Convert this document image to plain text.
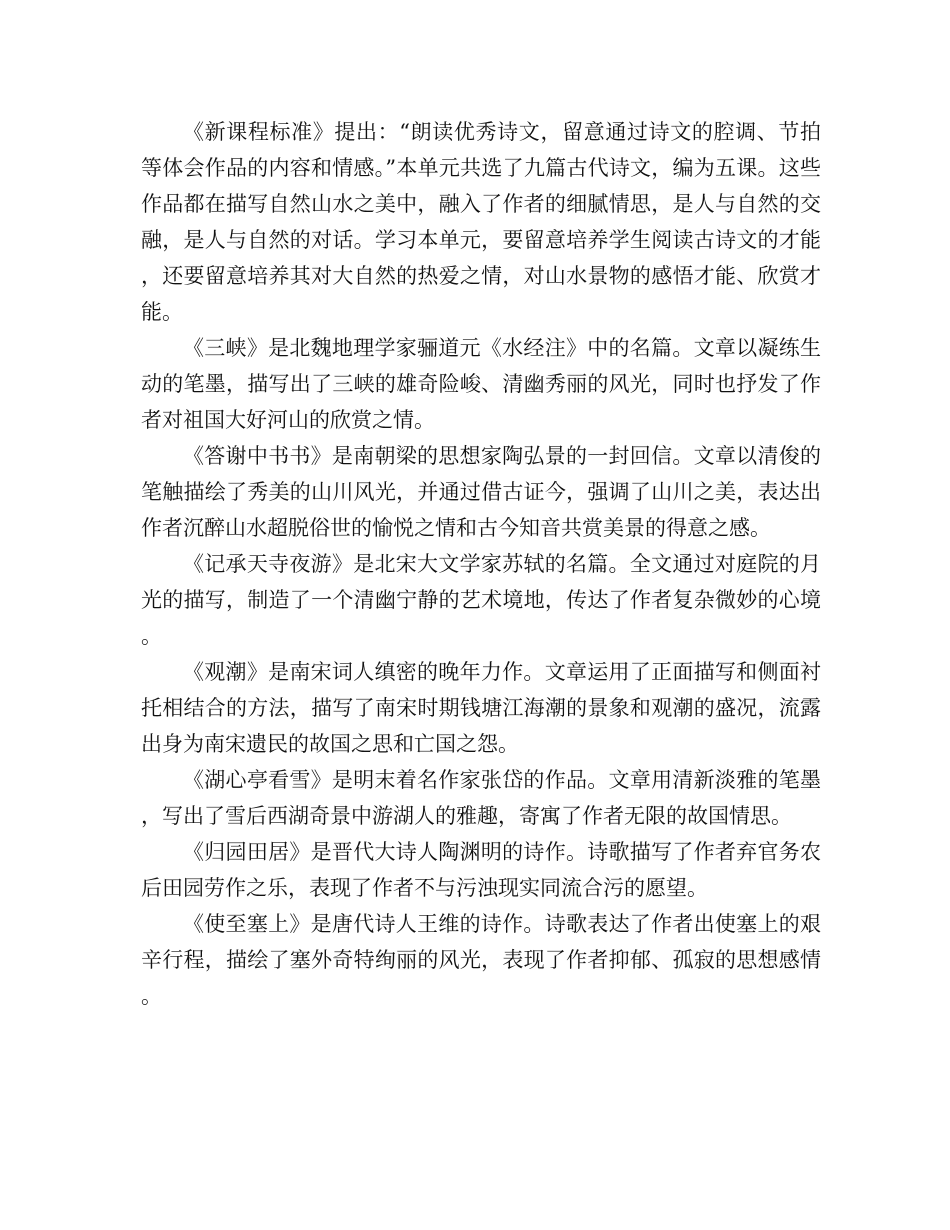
《新课程标准》提出：“朗读优秀诗文，留意通过诗文的腔调、节拍等体会作品的内容和情感。”本单元共选了九篇古代诗文，编为五课。这些作品都在描写自然山水之美中，融入了作者的细腻情思，是人与自然的交融，是人与自然的对话。学习本单元，要留意培养学生阅读古诗文的才能，还要留意培养其对大自然的热爱之情，对山水景物的感悟才能、欣赏才能。

《三峡》是北魏地理学家骊道元《水经注》中的名篇。文章以凝练生动的笔墨，描写出了三峡的雄奇险峻、清幽秀丽的风光，同时也抒发了作者对祖国大好河山的欣赏之情。

《答谢中书书》是南朝梁的思想家陶弘景的一封回信。文章以清俊的笔触描绘了秀美的山川风光，并通过借古证今，强调了山川之美，表达出作者沉醉山水超脱俗世的愉悦之情和古今知音共赏美景的得意之感。

《记承天寺夜游》是北宋大文学家苏轼的名篇。全文通过对庭院的月光的描写，制造了一个清幽宁静的艺术境地，传达了作者复杂微妙的心境。

《观潮》是南宋词人缜密的晚年力作。文章运用了正面描写和侧面衬托相结合的方法，描写了南宋时期钱塘江海潮的景象和观潮的盛况，流露出身为南宋遗民的故国之思和亡国之怨。

《湖心亭看雪》是明末着名作家张岱的作品。文章用清新淡雅的笔墨，写出了雪后西湖奇景中游湖人的雅趣，寄寓了作者无限的故国情思。

《归园田居》是晋代大诗人陶渊明的诗作。诗歌描写了作者弃官务农后田园劳作之乐，表现了作者不与污浊现实同流合污的愿望。

《使至塞上》是唐代诗人王维的诗作。诗歌表达了作者出使塞上的艰辛行程，描绘了塞外奇特绚丽的风光，表现了作者抑郁、孤寂的思想感情。
